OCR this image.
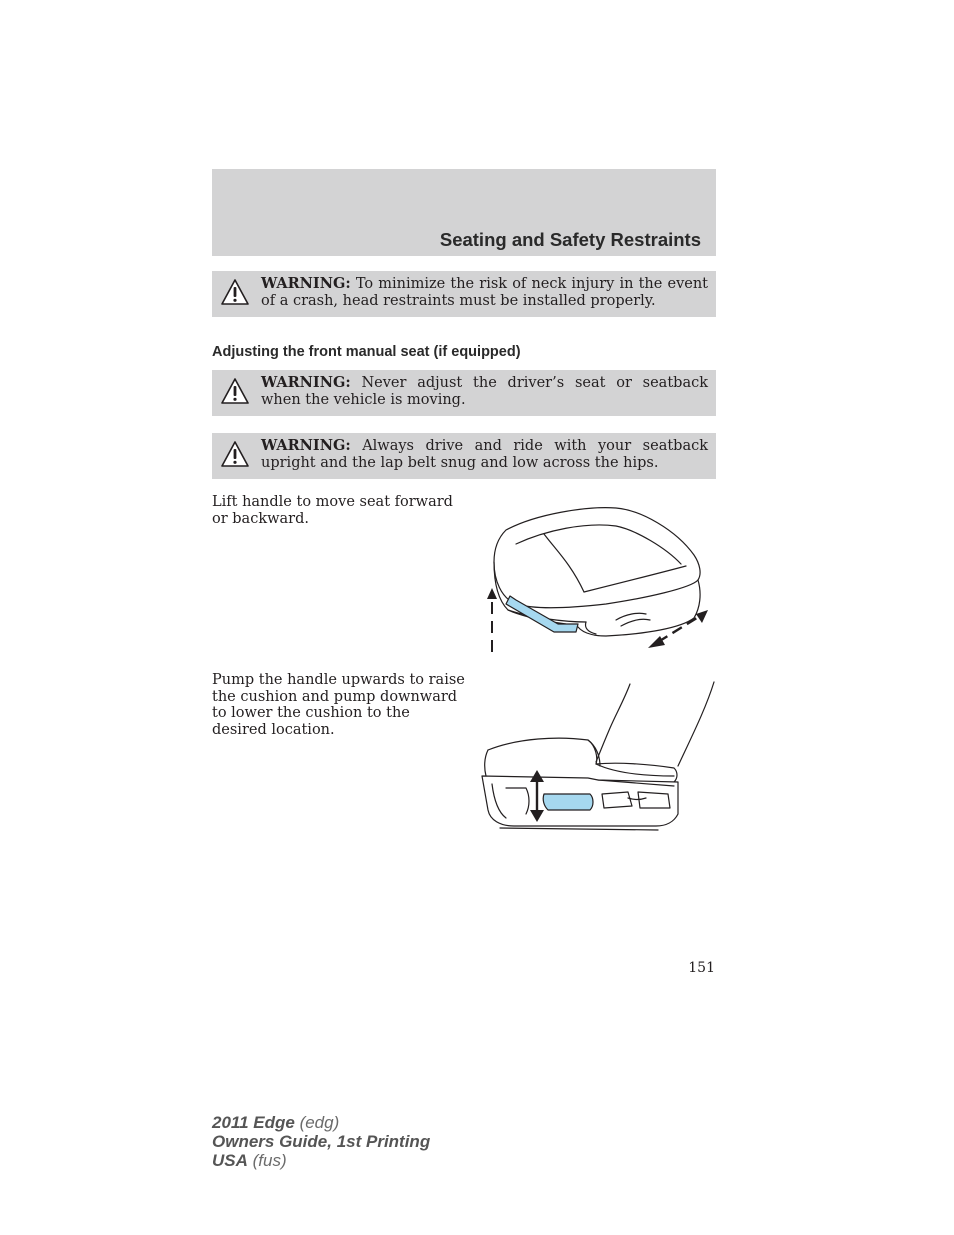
Seating and Safety Restraints
WARNING: To minimize the risk of neck injury in the event of a crash, head restraints must be installed properly.
Adjusting the front manual seat (if equipped)
WARNING: Never adjust the driver’s seat or seatback when the vehicle is moving.
WARNING: Always drive and ride with your seatback upright and the lap belt snug and low across the hips.

Lift handle to move seat forward or backward.

Pump the handle upwards to raise the cushion and pump downward to lower the cushion to the desired location.

151
2011 Edge (edg)
Owners Guide, 1st Printing
USA (fus)
